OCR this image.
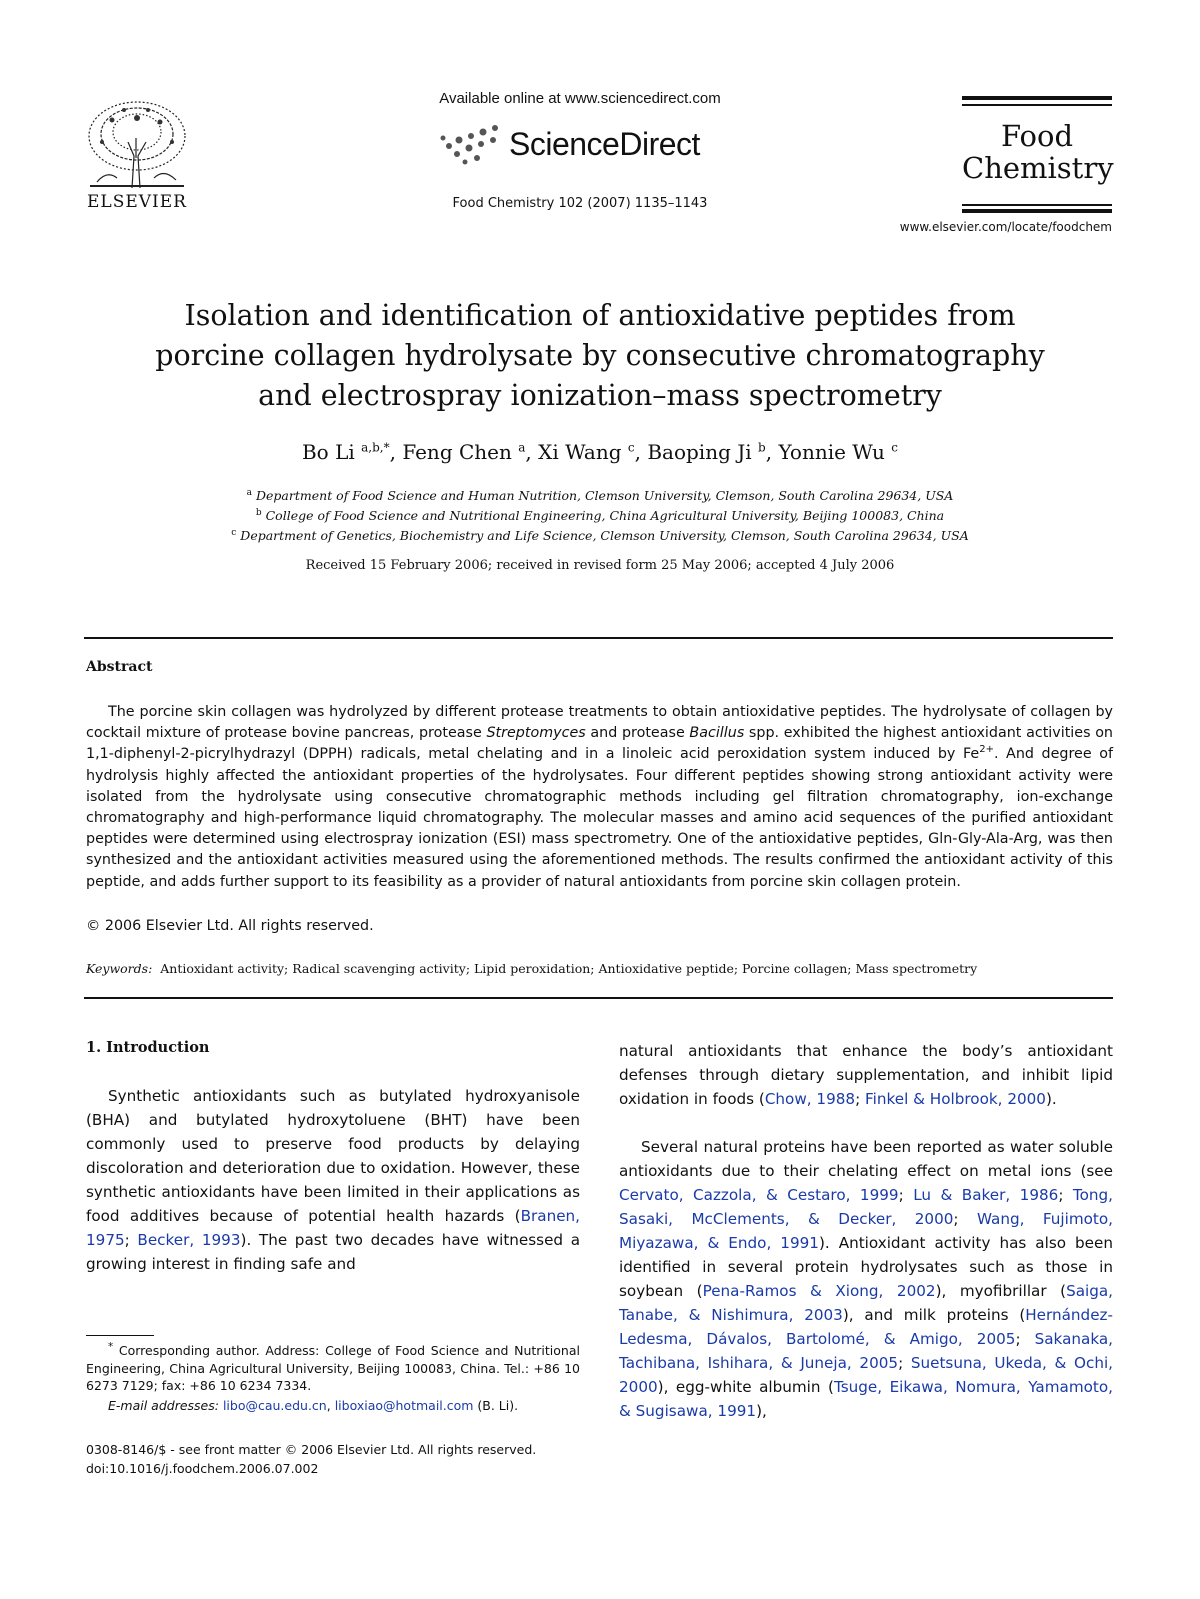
ELSEVIER
Available online at www.sciencedirect.com
ScienceDirect
Food Chemistry 102 (2007) 1135–1143
Food
Chemistry
www.elsevier.com/locate/foodchem
Isolation and identification of antioxidative peptides from
porcine collagen hydrolysate by consecutive chromatography
and electrospray ionization–mass spectrometry
Bo Li $^{a,b,*}$, Feng Chen $^a$, Xi Wang $^c$, Baoping Ji $^b$, Yonnie Wu $^c$
$^a$ Department of Food Science and Human Nutrition, Clemson University, Clemson, South Carolina 29634, USA
$^b$ College of Food Science and Nutritional Engineering, China Agricultural University, Beijing 100083, China
$^c$ Department of Genetics, Biochemistry and Life Science, Clemson University, Clemson, South Carolina 29634, USA
Received 15 February 2006; received in revised form 25 May 2006; accepted 4 July 2006
Abstract
The porcine skin collagen was hydrolyzed by different protease treatments to obtain antioxidative peptides. The hydrolysate of collagen by cocktail mixture of protease bovine pancreas, protease Streptomyces and protease Bacillus spp. exhibited the highest antioxidant activities on 1,1-diphenyl-2-picrylhydrazyl (DPPH) radicals, metal chelating and in a linoleic acid peroxidation system induced by $Fe^{2+}$. And degree of hydrolysis highly affected the antioxidant properties of the hydrolysates. Four different peptides showing strong antioxidant activity were isolated from the hydrolysate using consecutive chromatographic methods including gel filtration chromatography, ion-exchange chromatography and high-performance liquid chromatography. The molecular masses and amino acid sequences of the purified antioxidant peptides were determined using electrospray ionization (ESI) mass spectrometry. One of the antioxidative peptides, Gln-Gly-Ala-Arg, was then synthesized and the antioxidant activities measured using the aforementioned methods. The results confirmed the antioxidant activity of this peptide, and adds further support to its feasibility as a provider of natural antioxidants from porcine skin collagen protein.
© 2006 Elsevier Ltd. All rights reserved.
Keywords: Antioxidant activity; Radical scavenging activity; Lipid peroxidation; Antioxidative peptide; Porcine collagen; Mass spectrometry
1. Introduction
Synthetic antioxidants such as butylated hydroxyanisole (BHA) and butylated hydroxytoluene (BHT) have been commonly used to preserve food products by delaying discoloration and deterioration due to oxidation. However, these synthetic antioxidants have been limited in their applications as food additives because of potential health hazards (Branen, 1975; Becker, 1993). The past two decades have witnessed a growing interest in finding safe and
natural antioxidants that enhance the body’s antioxidant defenses through dietary supplementation, and inhibit lipid oxidation in foods (Chow, 1988; Finkel & Holbrook, 2000).
Several natural proteins have been reported as water soluble antioxidants due to their chelating effect on metal ions (see Cervato, Cazzola, & Cestaro, 1999; Lu & Baker, 1986; Tong, Sasaki, McClements, & Decker, 2000; Wang, Fujimoto, Miyazawa, & Endo, 1991). Antioxidant activity has also been identified in several protein hydrolysates such as those in soybean (Pena-Ramos & Xiong, 2002), myofibrillar (Saiga, Tanabe, & Nishimura, 2003), and milk proteins (Hernández-Ledesma, Dávalos, Bartolomé, & Amigo, 2005; Sakanaka, Tachibana, Ishihara, & Juneja, 2005; Suetsuna, Ukeda, & Ochi, 2000), egg-white albumin (Tsuge, Eikawa, Nomura, Yamamoto, & Sugisawa, 1991),
* Corresponding author. Address: College of Food Science and Nutritional Engineering, China Agricultural University, Beijing 100083, China. Tel.: +86 10 6273 7129; fax: +86 10 6234 7334.
E-mail addresses: libo@cau.edu.cn, liboxiao@hotmail.com (B. Li).
0308-8146/$ - see front matter © 2006 Elsevier Ltd. All rights reserved.
doi:10.1016/j.foodchem.2006.07.002
